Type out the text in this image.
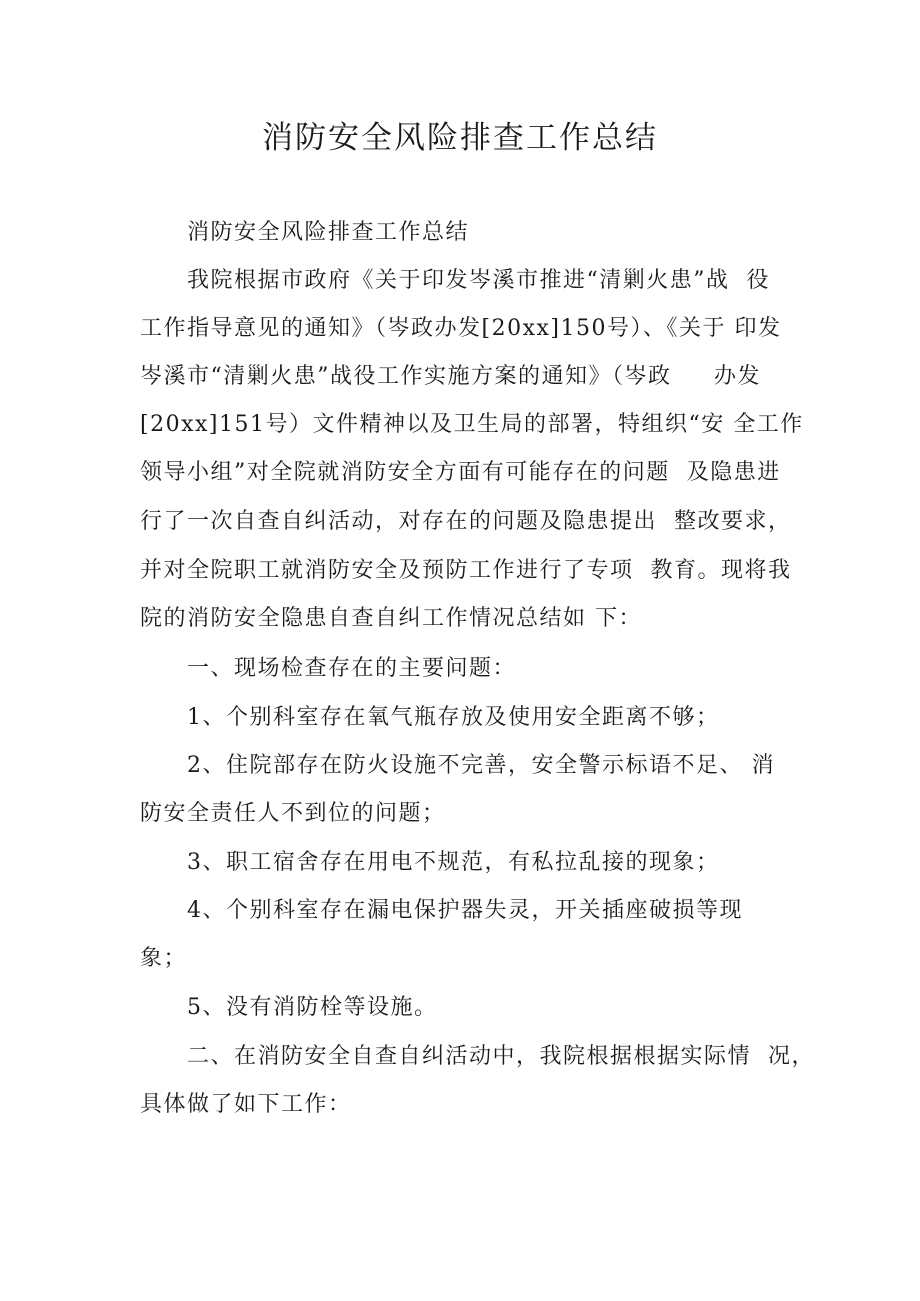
消防安全风险排查工作总结

消防安全风险排查工作总结

我院根据市政府《关于印发岑溪市推进“清剿火患”战  役

工作指导意见的通知》（岑政办发[20xx]150号）、《关于 印发

岑溪市“清剿火患”战役工作实施方案的通知》（岑政     办发

[20xx]151号）文件精神以及卫生局的部署，特组织“安 全工作

领导小组”对全院就消防安全方面有可能存在的问题  及隐患进

行了一次自查自纠活动，对存在的问题及隐患提出  整改要求，

并对全院职工就消防安全及预防工作进行了专项  教育。现将我

院的消防安全隐患自查自纠工作情况总结如 下：

一、现场检查存在的主要问题：

1、个别科室存在氧气瓶存放及使用安全距离不够；

2、住院部存在防火设施不完善，安全警示标语不足、 消

防安全责任人不到位的问题；

3、职工宿舍存在用电不规范，有私拉乱接的现象；

4、个别科室存在漏电保护器失灵，开关插座破损等现

象；

5、没有消防栓等设施。

二、在消防安全自查自纠活动中，我院根据根据实际情  况，

具体做了如下工作：
